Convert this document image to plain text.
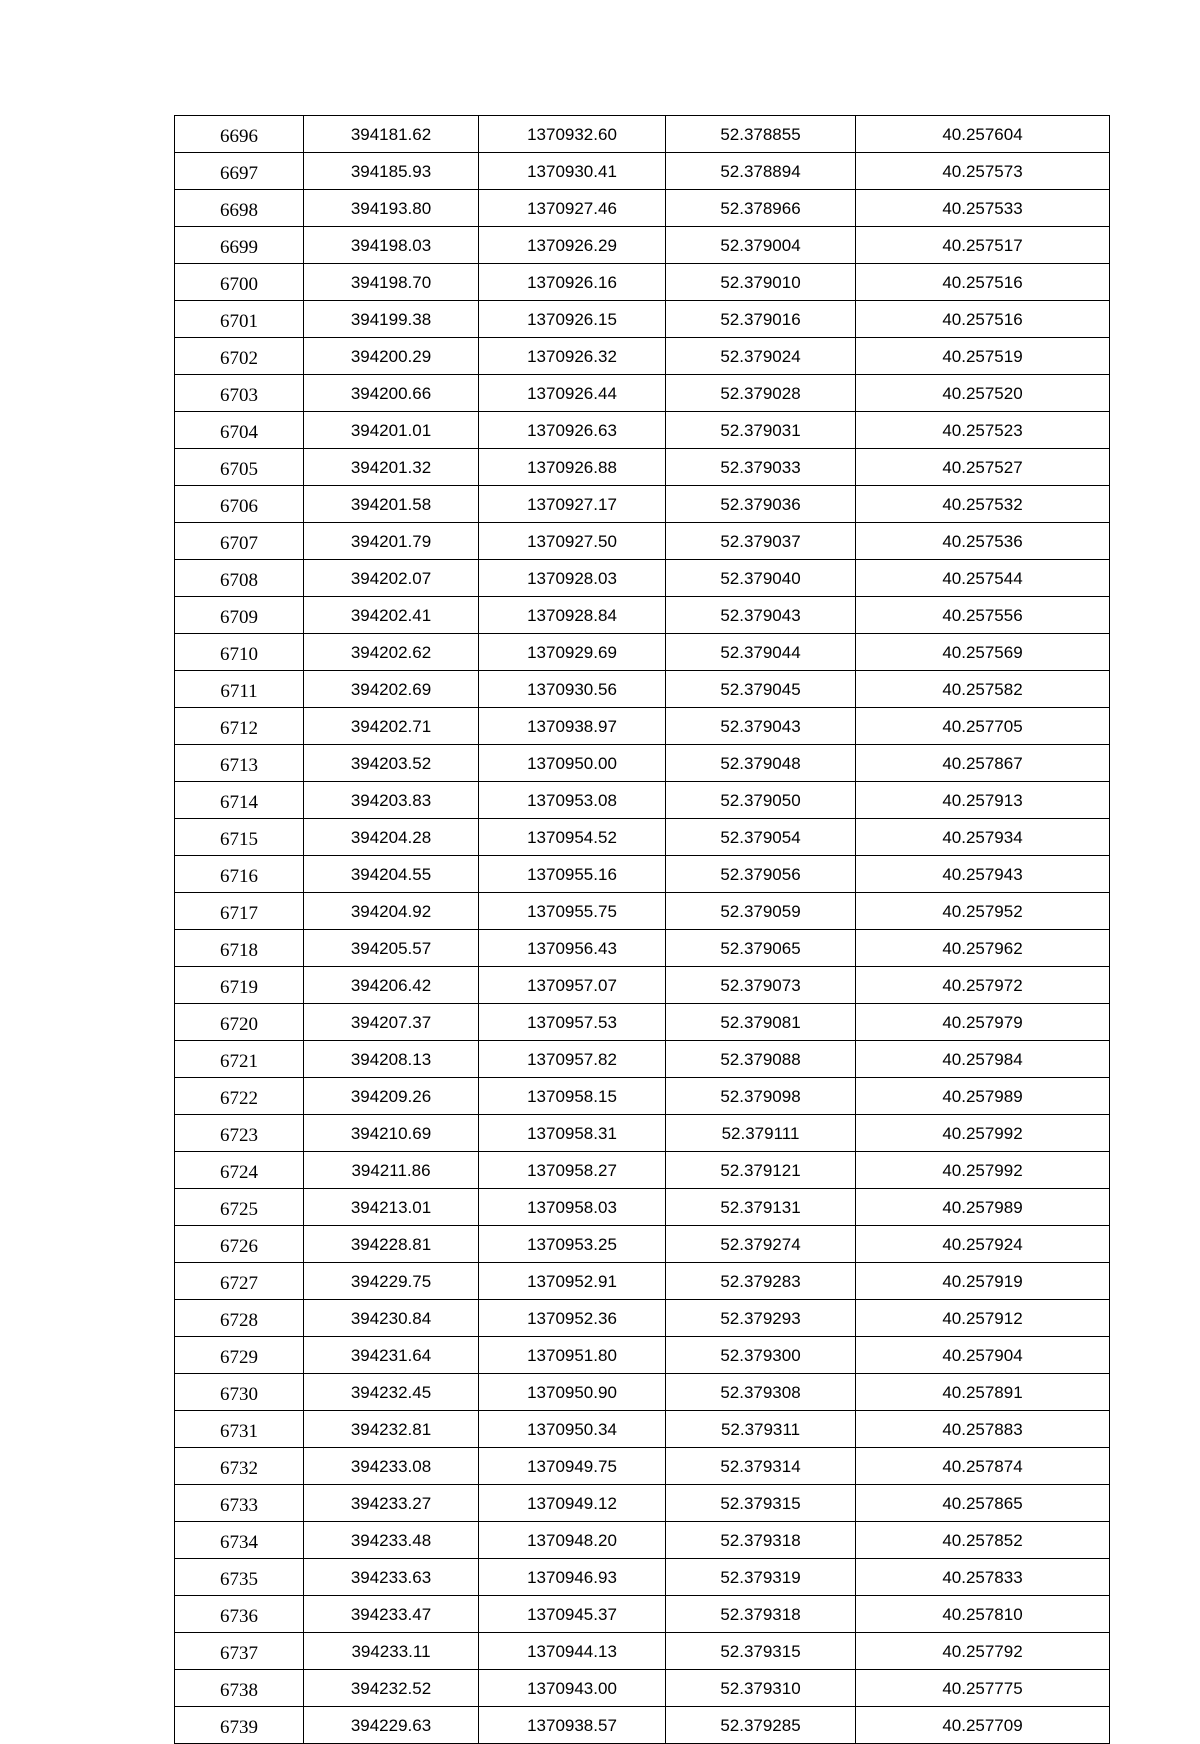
6696	394181.62	1370932.60	52.378855	40.257604
6697	394185.93	1370930.41	52.378894	40.257573
6698	394193.80	1370927.46	52.378966	40.257533
6699	394198.03	1370926.29	52.379004	40.257517
6700	394198.70	1370926.16	52.379010	40.257516
6701	394199.38	1370926.15	52.379016	40.257516
6702	394200.29	1370926.32	52.379024	40.257519
6703	394200.66	1370926.44	52.379028	40.257520
6704	394201.01	1370926.63	52.379031	40.257523
6705	394201.32	1370926.88	52.379033	40.257527
6706	394201.58	1370927.17	52.379036	40.257532
6707	394201.79	1370927.50	52.379037	40.257536
6708	394202.07	1370928.03	52.379040	40.257544
6709	394202.41	1370928.84	52.379043	40.257556
6710	394202.62	1370929.69	52.379044	40.257569
6711	394202.69	1370930.56	52.379045	40.257582
6712	394202.71	1370938.97	52.379043	40.257705
6713	394203.52	1370950.00	52.379048	40.257867
6714	394203.83	1370953.08	52.379050	40.257913
6715	394204.28	1370954.52	52.379054	40.257934
6716	394204.55	1370955.16	52.379056	40.257943
6717	394204.92	1370955.75	52.379059	40.257952
6718	394205.57	1370956.43	52.379065	40.257962
6719	394206.42	1370957.07	52.379073	40.257972
6720	394207.37	1370957.53	52.379081	40.257979
6721	394208.13	1370957.82	52.379088	40.257984
6722	394209.26	1370958.15	52.379098	40.257989
6723	394210.69	1370958.31	52.379111	40.257992
6724	394211.86	1370958.27	52.379121	40.257992
6725	394213.01	1370958.03	52.379131	40.257989
6726	394228.81	1370953.25	52.379274	40.257924
6727	394229.75	1370952.91	52.379283	40.257919
6728	394230.84	1370952.36	52.379293	40.257912
6729	394231.64	1370951.80	52.379300	40.257904
6730	394232.45	1370950.90	52.379308	40.257891
6731	394232.81	1370950.34	52.379311	40.257883
6732	394233.08	1370949.75	52.379314	40.257874
6733	394233.27	1370949.12	52.379315	40.257865
6734	394233.48	1370948.20	52.379318	40.257852
6735	394233.63	1370946.93	52.379319	40.257833
6736	394233.47	1370945.37	52.379318	40.257810
6737	394233.11	1370944.13	52.379315	40.257792
6738	394232.52	1370943.00	52.379310	40.257775
6739	394229.63	1370938.57	52.379285	40.257709
